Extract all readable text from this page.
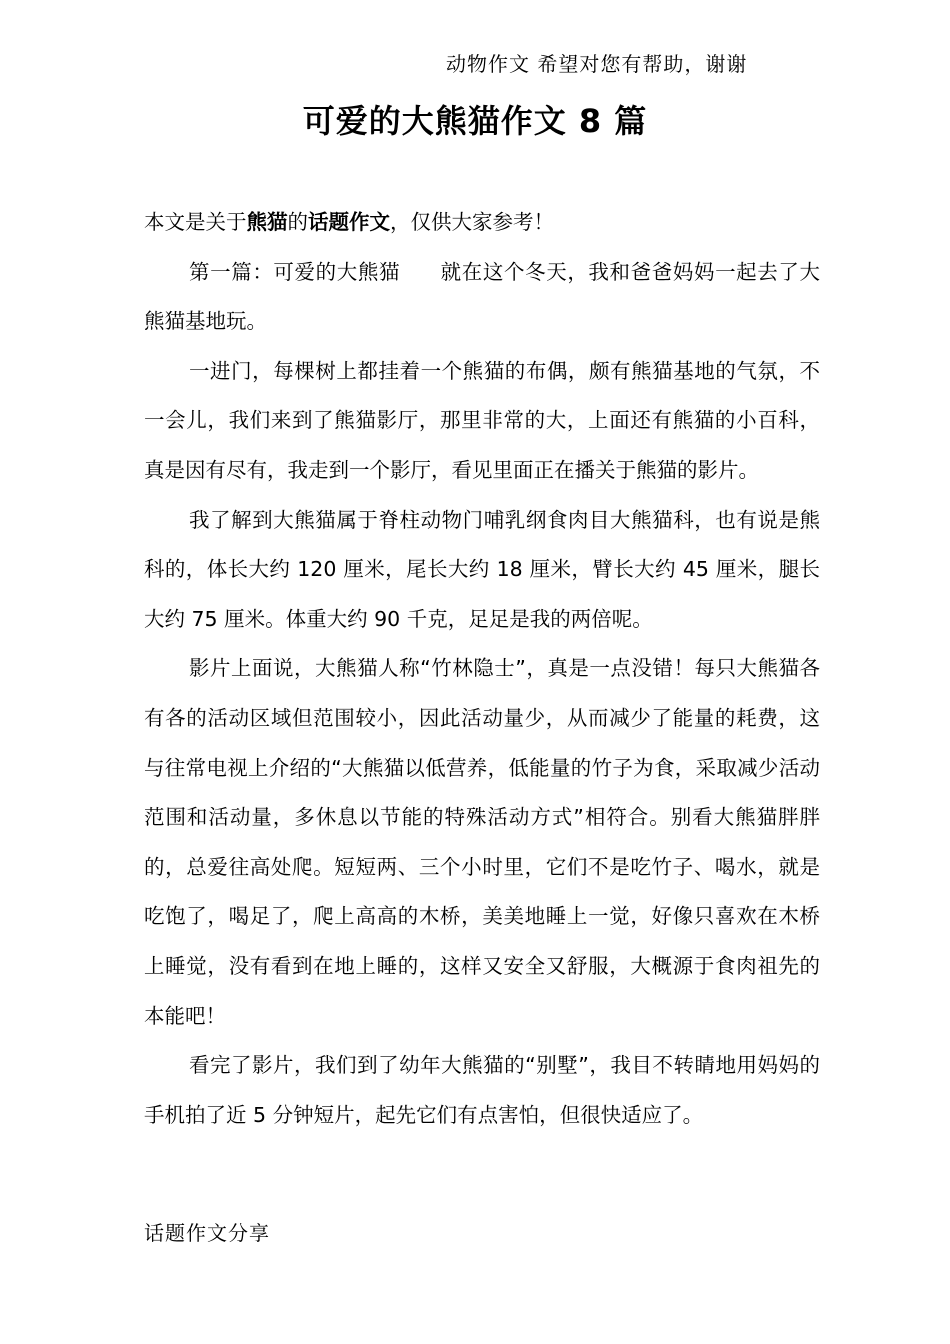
动物作文 希望对您有帮助，谢谢
可爱的大熊猫作文 8 篇

本文是关于熊猫的话题作文，仅供大家参考！

第一篇：可爱的大熊猫 就在这个冬天，我和爸爸妈妈一起去了大熊猫基地玩。

一进门，每棵树上都挂着一个熊猫的布偶，颇有熊猫基地的气氛，不一会儿，我们来到了熊猫影厅，那里非常的大，上面还有熊猫的小百科，真是因有尽有，我走到一个影厅，看见里面正在播关于熊猫的影片。

我了解到大熊猫属于脊柱动物门哺乳纲食肉目大熊猫科，也有说是熊科的，体长大约 120 厘米，尾长大约 18 厘米，臂长大约 45 厘米，腿长大约 75 厘米。体重大约 90 千克，足足是我的两倍呢。

影片上面说，大熊猫人称“竹林隐士”，真是一点没错！每只大熊猫各有各的活动区域但范围较小，因此活动量少，从而减少了能量的耗费，这与往常电视上介绍的“大熊猫以低营养，低能量的竹子为食，采取减少活动范围和活动量，多休息以节能的特殊活动方式”相符合。别看大熊猫胖胖的，总爱往高处爬。短短两、三个小时里，它们不是吃竹子、喝水，就是吃饱了，喝足了，爬上高高的木桥，美美地睡上一觉，好像只喜欢在木桥上睡觉，没有看到在地上睡的，这样又安全又舒服，大概源于食肉祖先的本能吧！

看完了影片，我们到了幼年大熊猫的“别墅”，我目不转睛地用妈妈的手机拍了近 5 分钟短片，起先它们有点害怕，但很快适应了。

话题作文分享
